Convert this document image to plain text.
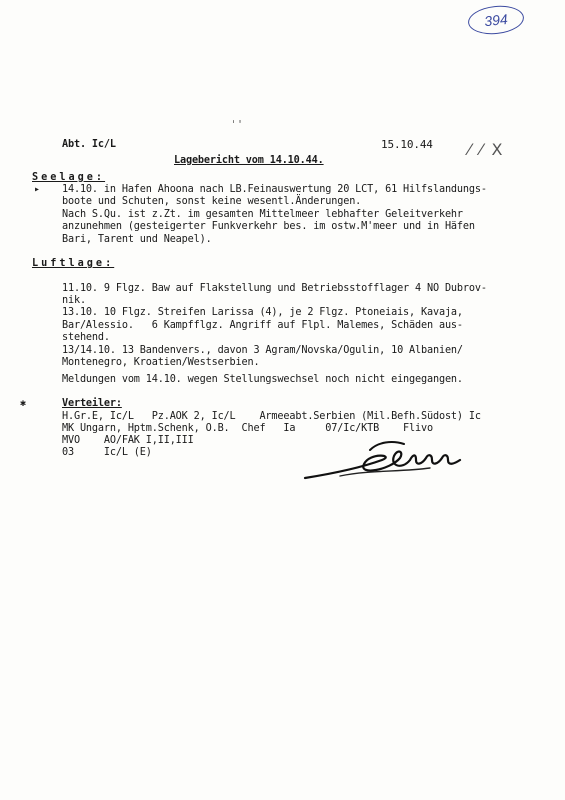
394
ˈ '
⁄ ⁄ X
Abt. Ic/L	15.10.44
Lagebericht vom 14.10.44.
Seelage:
▸ 14.10. in Hafen Ahoona nach LB.Feinauswertung 20 LCT, 61 Hilfslandungs-
boote und Schuten, sonst keine wesentl.Änderungen.
Nach S.Qu. ist z.Zt. im gesamten Mittelmeer lebhafter Geleitverkehr
anzunehmen (gesteigerter Funkverkehr bes. im ostw.M'meer und in Häfen
Bari, Tarent und Neapel).
Luftlage:
11.10. 9 Flgz. Baw auf Flakstellung und Betriebsstofflager 4 NO Dubrov-
nik.
13.10. 10 Flgz. Streifen Larissa (4), je 2 Flgz. Ptoneiais, Kavaja,
Bar/Alessio.   6 Kampfflgz. Angriff auf Flpl. Malemes, Schäden aus-
stehend.
13/14.10. 13 Bandenvers., davon 3 Agram/Novska/Ogulin, 10 Albanien/
Montenegro, Kroatien/Westserbien.
Meldungen vom 14.10. wegen Stellungswechsel noch nicht eingegangen.
✱	Verteiler:
H.Gr.E, Ic/L   Pz.AOK 2, Ic/L    Armeeabt.Serbien (Mil.Befh.Südost) Ic
MK Ungarn, Hptm.Schenk, O.B.  Chef   Ia     07/Ic/KTB    Flivo
MVO    AO/FAK I,II,III
03     Ic/L (E)
